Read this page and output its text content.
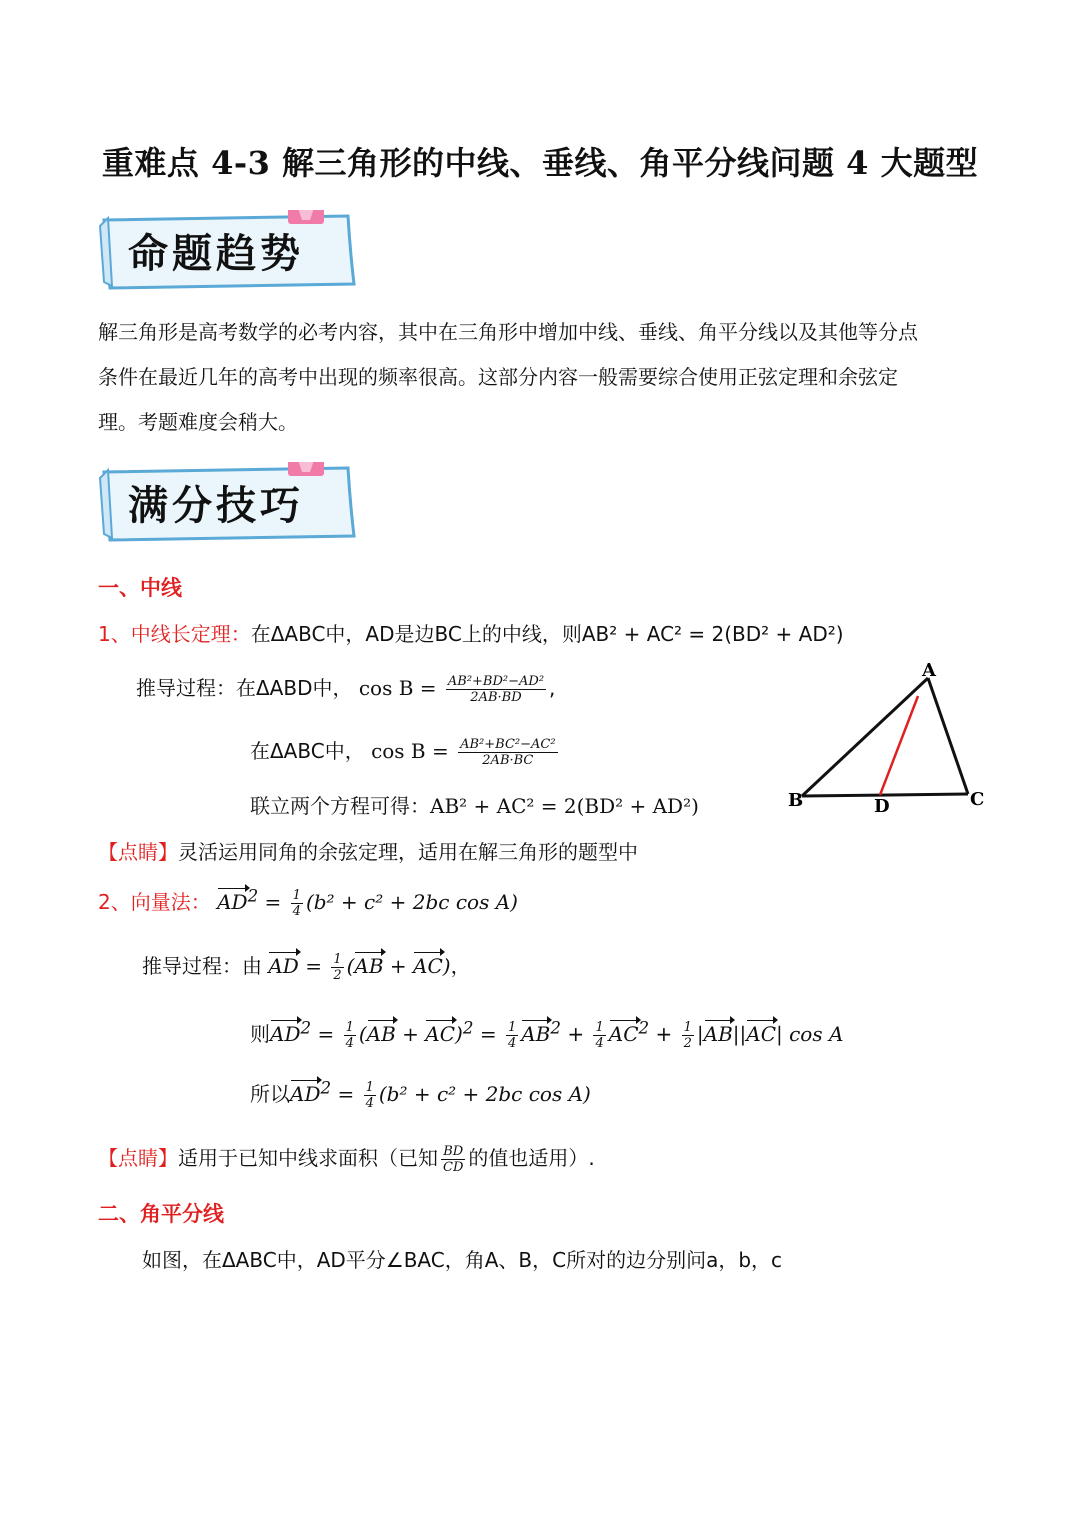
重难点 4-3 解三角形的中线、垂线、角平分线问题 4 大题型
命题趋势
解三角形是高考数学的必考内容，其中在三角形中增加中线、垂线、角平分线以及其他等分点
条件在最近几年的高考中出现的频率很高。这部分内容一般需要综合使用正弦定理和余弦定
理。考题难度会稍大。
满分技巧
一、中线
1、中线长定理：在ΔABC中，AD是边BC上的中线，则AB² + AC² = 2(BD² + AD²)
推导过程：在ΔABD中， $\cos B = \frac{\text{AB²+BD²−AD²}}{2AB\cdot BD}$ ,
在ΔABC中， $\cos B = \frac{\text{AB²+BC²−AC²}}{2AB\cdot BC}$
联立两个方程可得：AB² + AC² = 2(BD² + AD²)
A
B	C
D
【点睛】灵活运用同角的余弦定理，适用在解三角形的题型中
2、向量法： $AD^2 = \frac{1}{4} (b^2 + c^2 + 2bc$ cos A)
推导过程：由 AD = $\frac{1}{2} (AB + AC)$，
则$AD^2 = \frac{1}{4} (AB + AC)^2 = \frac{1}{4} AB^2 + \frac{1}{4} AC^2 + \frac{1}{2} |AB||AC|$ cos A
所以$AD^2 = \frac{1}{4} (b^2 + c^2 + 2bc$ cos A)
【点睛】适用于已知中线求面积（已知 $\frac{BD}{CD}$ 的值也适用）.
二、角平分线
如图，在ΔABC中，AD平分∠BAC，角A、B，C所对的边分别问a，b，c
